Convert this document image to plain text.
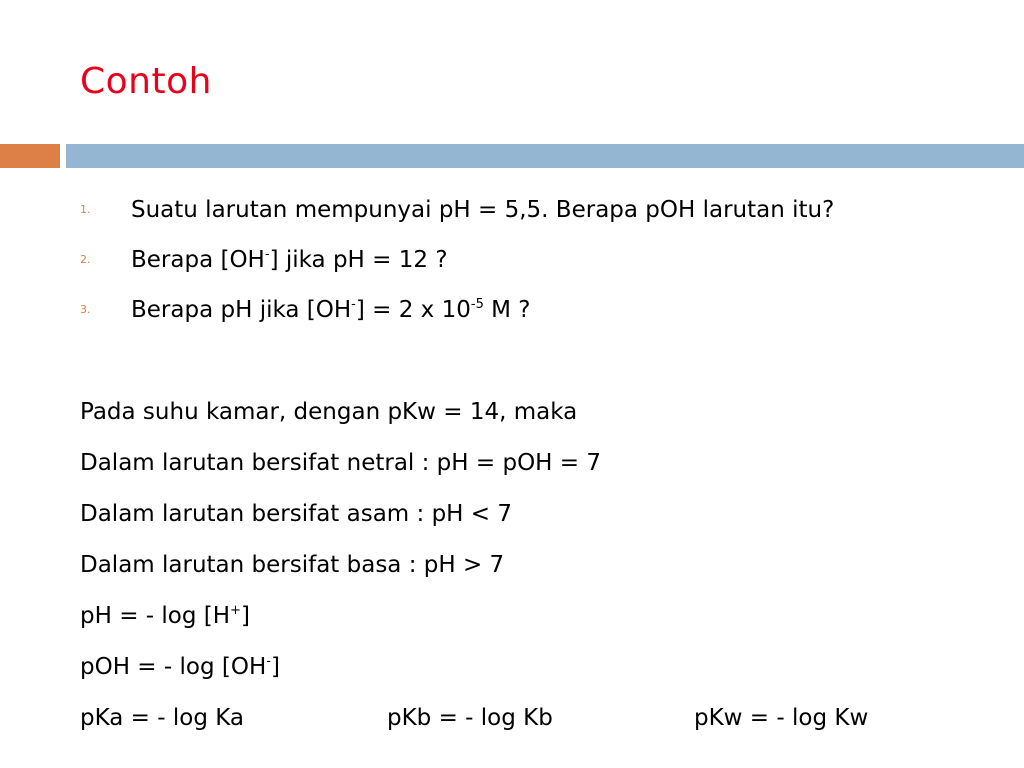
Contoh
1.	Suatu larutan mempunyai pH = 5,5. Berapa pOH larutan itu?
2.	Berapa [OH-] jika pH = 12 ?
3.	Berapa pH jika [OH-] = 2 x $10^{-5}$ M ?
Pada suhu kamar, dengan pKw = 14, maka
Dalam larutan bersifat netral : pH = pOH = 7
Dalam larutan bersifat asam : pH < 7
Dalam larutan bersifat basa : pH > 7
pH = - log [H+]
pOH = - log [OH-]
pKa = - log Ka	pKb = - log Kb	pKw = - log Kw
